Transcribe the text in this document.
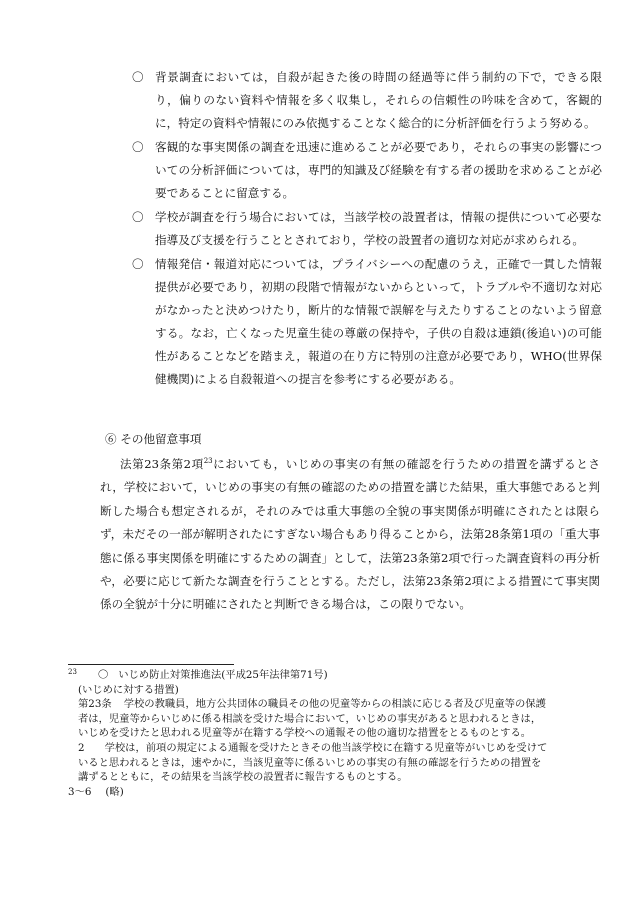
〇 背景調査においては，自殺が起きた後の時間の経過等に伴う制約の下で，できる限り，偏りのない資料や情報を多く収集し，それらの信頼性の吟味を含めて，客観的に，特定の資料や情報にのみ依拠することなく総合的に分析評価を行うよう努める。
〇 客観的な事実関係の調査を迅速に進めることが必要であり，それらの事実の影響についての分析評価については，専門的知識及び経験を有する者の援助を求めることが必要であることに留意する。
〇 学校が調査を行う場合においては，当該学校の設置者は，情報の提供について必要な指導及び支援を行うこととされており，学校の設置者の適切な対応が求められる。
〇 情報発信・報道対応については，プライバシーへの配慮のうえ，正確で一貫した情報提供が必要であり，初期の段階で情報がないからといって，トラブルや不適切な対応がなかったと決めつけたり，断片的な情報で誤解を与えたりすることのないよう留意する。なお，亡くなった児童生徒の尊厳の保持や，子供の自殺は連鎖(後追い)の可能性があることなどを踏まえ，報道の在り方に特別の注意が必要であり，WHO(世界保健機関)による自殺報道への提言を参考にする必要がある。
⑥ その他留意事項

法第23条第2項$^{23}$においても，いじめの事実の有無の確認を行うための措置を講ずるとされ，学校において，いじめの事実の有無の確認のための措置を講じた結果，重大事態であると判断した場合も想定されるが，それのみでは重大事態の全貌の事実関係が明確にされたとは限らず，未だその一部が解明されたにすぎない場合もあり得ることから，法第28条第1項の「重大事態に係る事実関係を明確にするための調査」として，法第23条第2項で行った調査資料の再分析や，必要に応じて新たな調査を行うこととする。ただし，法第23条第2項による措置にて事実関係の全貌が十分に明確にされたと判断できる場合は，この限りでない。

23 〇 いじめ防止対策推進法(平成25年法律第71号)
(いじめに対する措置)
第23条 学校の教職員，地方公共団体の職員その他の児童等からの相談に応じる者及び児童等の保護者は，児童等からいじめに係る相談を受けた場合において，いじめの事実があると思われるときは，いじめを受けたと思われる児童等が在籍する学校への通報その他の適切な措置をとるものとする。
2 学校は，前項の規定による通報を受けたときその他当該学校に在籍する児童等がいじめを受けていると思われるときは，速やかに，当該児童等に係るいじめの事実の有無の確認を行うための措置を講ずるとともに，その結果を当該学校の設置者に報告するものとする。
3～6 (略)
